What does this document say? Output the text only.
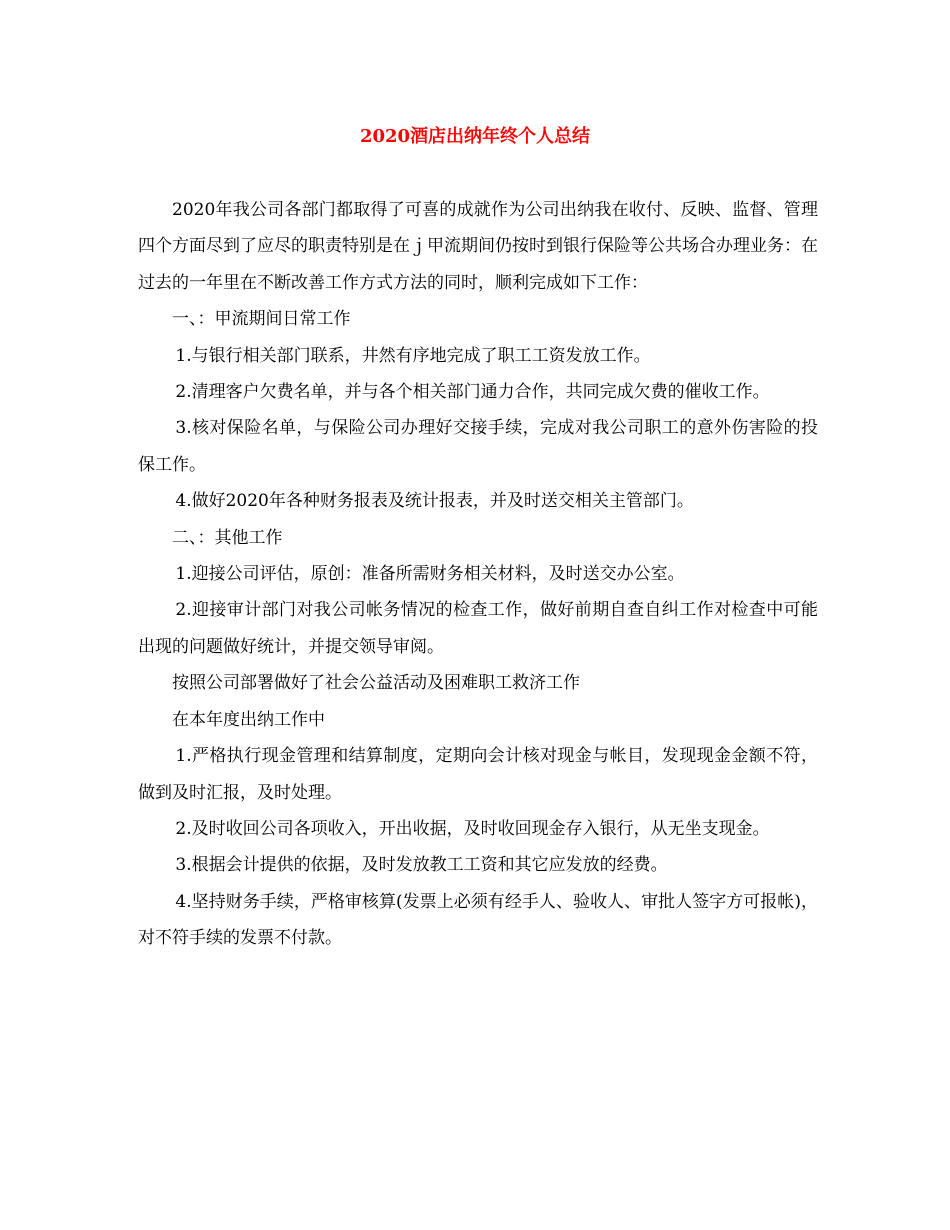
2020酒店出纳年终个人总结

2020年我公司各部门都取得了可喜的成就作为公司出纳我在收付、反映、监督、管理四个方面尽到了应尽的职责特别是在ｊ甲流期间仍按时到银行保险等公共场合办理业务：在过去的一年里在不断改善工作方式方法的同时，顺利完成如下工作：

一、：甲流期间日常工作

1.与银行相关部门联系，井然有序地完成了职工工资发放工作。

2.清理客户欠费名单，并与各个相关部门通力合作，共同完成欠费的催收工作。

3.核对保险名单，与保险公司办理好交接手续，完成对我公司职工的意外伤害险的投保工作。

4.做好2020年各种财务报表及统计报表，并及时送交相关主管部门。

二、：其他工作

1.迎接公司评估，原创：准备所需财务相关材料，及时送交办公室。

2.迎接审计部门对我公司帐务情况的检查工作，做好前期自查自纠工作对检查中可能出现的问题做好统计，并提交领导审阅。

按照公司部署做好了社会公益活动及困难职工救济工作

在本年度出纳工作中

1.严格执行现金管理和结算制度，定期向会计核对现金与帐目，发现现金金额不符，做到及时汇报，及时处理。

2.及时收回公司各项收入，开出收据，及时收回现金存入银行，从无坐支现金。

3.根据会计提供的依据，及时发放教工工资和其它应发放的经费。

4.坚持财务手续，严格审核算(发票上必须有经手人、验收人、审批人签字方可报帐)，对不符手续的发票不付款。
